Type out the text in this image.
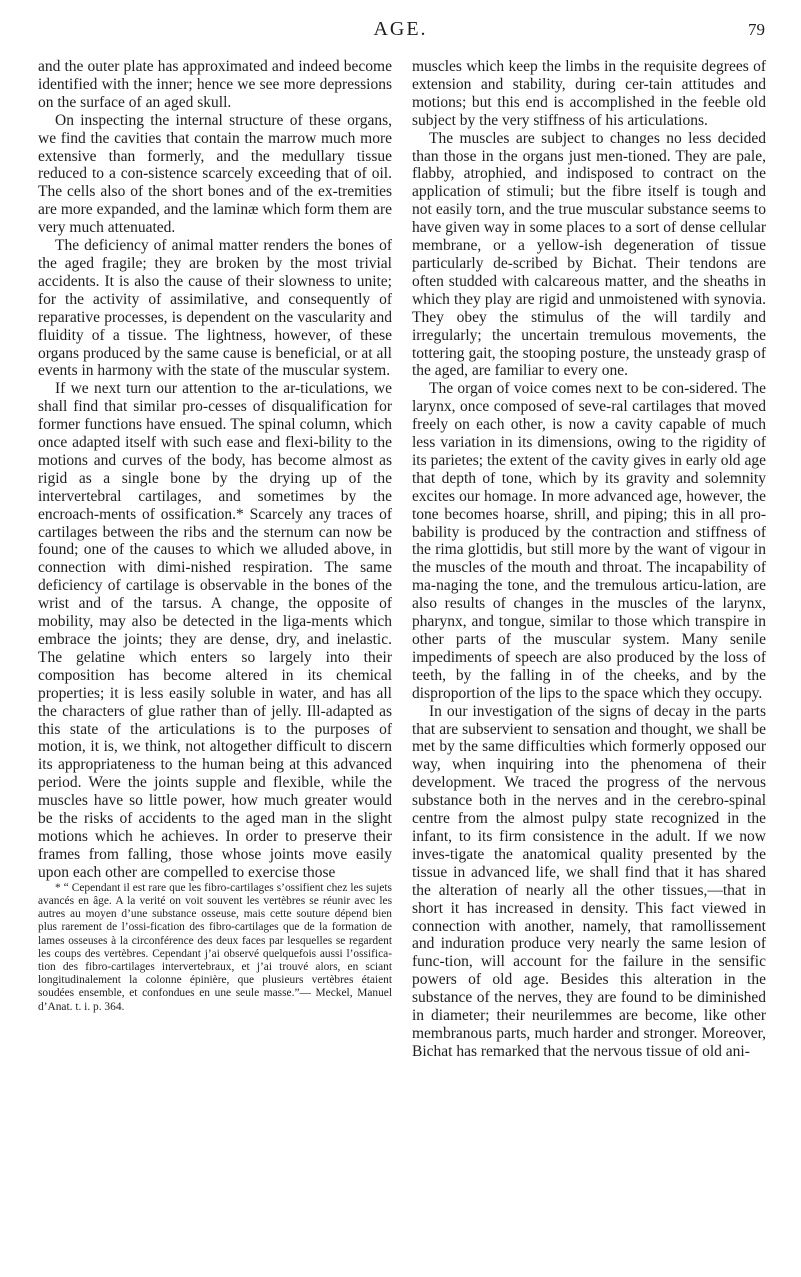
AGE.	79

and the outer plate has approximated and indeed become identified with the inner; hence we see more depressions on the surface of an aged skull.

On inspecting the internal structure of these organs, we find the cavities that contain the marrow much more extensive than formerly, and the medullary tissue reduced to a con-sistence scarcely exceeding that of oil. The cells also of the short bones and of the ex-tremities are more expanded, and the laminæ which form them are very much attenuated.

The deficiency of animal matter renders the bones of the aged fragile; they are broken by the most trivial accidents. It is also the cause of their slowness to unite; for the activity of assimilative, and consequently of reparative processes, is dependent on the vascularity and fluidity of a tissue. The lightness, however, of these organs produced by the same cause is beneficial, or at all events in harmony with the state of the muscular system.

If we next turn our attention to the ar-ticulations, we shall find that similar pro-cesses of disqualification for former functions have ensued. The spinal column, which once adapted itself with such ease and flexi-bility to the motions and curves of the body, has become almost as rigid as a single bone by the drying up of the intervertebral cartilages, and sometimes by the encroach-ments of ossification.* Scarcely any traces of cartilages between the ribs and the sternum can now be found; one of the causes to which we alluded above, in connection with dimi-nished respiration. The same deficiency of cartilage is observable in the bones of the wrist and of the tarsus. A change, the opposite of mobility, may also be detected in the liga-ments which embrace the joints; they are dense, dry, and inelastic. The gelatine which enters so largely into their composition has become altered in its chemical properties; it is less easily soluble in water, and has all the characters of glue rather than of jelly. Ill-adapted as this state of the articulations is to the purposes of motion, it is, we think, not altogether difficult to discern its appropriateness to the human being at this advanced period. Were the joints supple and flexible, while the muscles have so little power, how much greater would be the risks of accidents to the aged man in the slight motions which he achieves. In order to preserve their frames from falling, those whose joints move easily upon each other are compelled to exercise those

* “ Cependant il est rare que les fibro-cartilages s’ossifient chez les sujets avancés en âge. A la verité on voit souvent les vertèbres se réunir avec les autres au moyen d’une substance osseuse, mais cette souture dépend bien plus rarement de l’ossi-fication des fibro-cartilages que de la formation de lames osseuses à la circonférence des deux faces par lesquelles se regardent les coups des vertèbres. Cependant j’ai observé quelquefois aussi l’ossifica-tion des fibro-cartilages intervertebraux, et j’ai trouvé alors, en sciant longitudinalement la colonne épinière, que plusieurs vertèbres étaient soudées ensemble, et confondues en une seule masse.”— Meckel, Manuel d’Anat. t. i. p. 364.

muscles which keep the limbs in the requisite degrees of extension and stability, during cer-tain attitudes and motions; but this end is accomplished in the feeble old subject by the very stiffness of his articulations.

The muscles are subject to changes no less decided than those in the organs just men-tioned. They are pale, flabby, atrophied, and indisposed to contract on the application of stimuli; but the fibre itself is tough and not easily torn, and the true muscular substance seems to have given way in some places to a sort of dense cellular membrane, or a yellow-ish degeneration of tissue particularly de-scribed by Bichat. Their tendons are often studded with calcareous matter, and the sheaths in which they play are rigid and unmoistened with synovia. They obey the stimulus of the will tardily and irregularly; the uncertain tremulous movements, the tottering gait, the stooping posture, the unsteady grasp of the aged, are familiar to every one.

The organ of voice comes next to be con-sidered. The larynx, once composed of seve-ral cartilages that moved freely on each other, is now a cavity capable of much less variation in its dimensions, owing to the rigidity of its parietes; the extent of the cavity gives in early old age that depth of tone, which by its gravity and solemnity excites our homage. In more advanced age, however, the tone becomes hoarse, shrill, and piping; this in all pro-bability is produced by the contraction and stiffness of the rima glottidis, but still more by the want of vigour in the muscles of the mouth and throat. The incapability of ma-naging the tone, and the tremulous articu-lation, are also results of changes in the muscles of the larynx, pharynx, and tongue, similar to those which transpire in other parts of the muscular system. Many senile impediments of speech are also produced by the loss of teeth, by the falling in of the cheeks, and by the disproportion of the lips to the space which they occupy.

In our investigation of the signs of decay in the parts that are subservient to sensation and thought, we shall be met by the same difficulties which formerly opposed our way, when inquiring into the phenomena of their development. We traced the progress of the nervous substance both in the nerves and in the cerebro-spinal centre from the almost pulpy state recognized in the infant, to its firm consistence in the adult. If we now inves-tigate the anatomical quality presented by the tissue in advanced life, we shall find that it has shared the alteration of nearly all the other tissues,—that in short it has increased in density. This fact viewed in connection with another, namely, that ramollissement and induration produce very nearly the same lesion of func-tion, will account for the failure in the sensific powers of old age. Besides this alteration in the substance of the nerves, they are found to be diminished in diameter; their neurilemmes are become, like other membranous parts, much harder and stronger. Moreover, Bichat has remarked that the nervous tissue of old ani-
